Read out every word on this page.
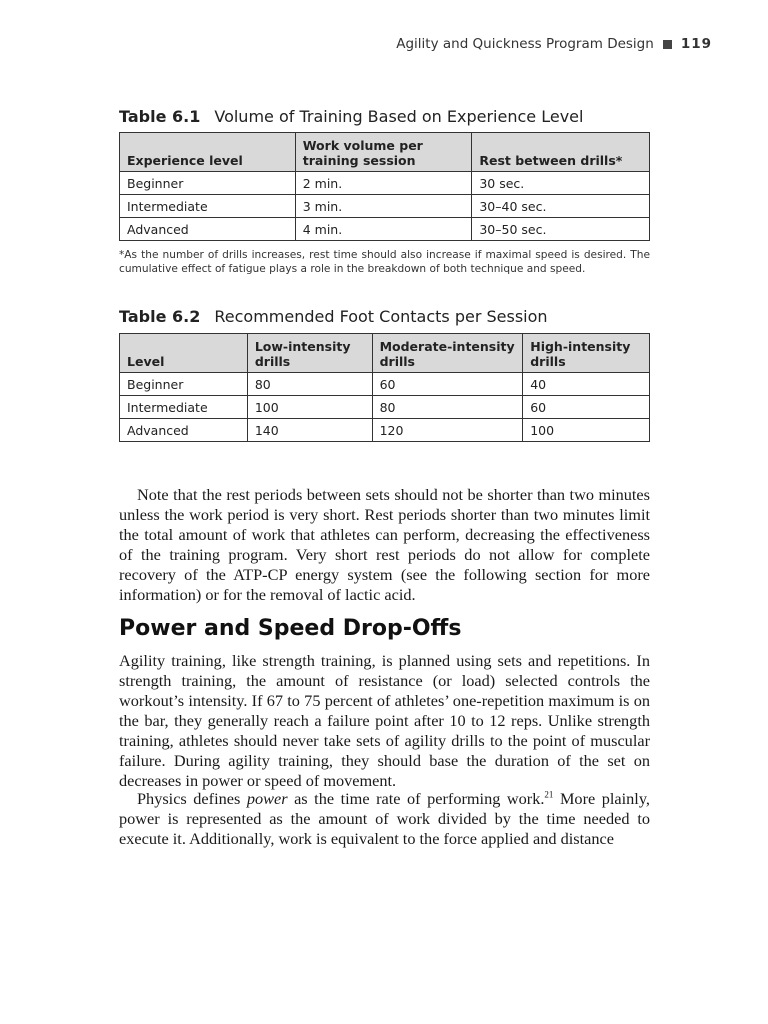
Agility and Quickness Program Design 119
Table 6.1 Volume of Training Based on Experience Level
Experience level	Work volume per training session	Rest between drills*
Beginner	2 min.	30 sec.
Intermediate	3 min.	30–40 sec.
Advanced	4 min.	30–50 sec.
*As the number of drills increases, rest time should also increase if maximal speed is desired. The cumulative effect of fatigue plays a role in the breakdown of both technique and speed.
Table 6.2 Recommended Foot Contacts per Session
Level	Low-intensity drills	Moderate-intensity drills	High-intensity drills
Beginner	80	60	40
Intermediate	100	80	60
Advanced	140	120	100

Note that the rest periods between sets should not be shorter than two minutes unless the work period is very short. Rest periods shorter than two minutes limit the total amount of work that athletes can perform, decreasing the effectiveness of the training program. Very short rest periods do not allow for complete recovery of the ATP-CP energy system (see the following section for more information) or for the removal of lactic acid.

Power and Speed Drop-Offs

Agility training, like strength training, is planned using sets and repetitions. In strength training, the amount of resistance (or load) selected controls the workout’s intensity. If 67 to 75 percent of athletes’ one-repetition maximum is on the bar, they generally reach a failure point after 10 to 12 reps. Unlike strength training, athletes should never take sets of agility drills to the point of muscular failure. During agility training, they should base the duration of the set on decreases in power or speed of movement.

Physics defines power as the time rate of performing work.$^{21}$ More plainly, power is represented as the amount of work divided by the time needed to execute it. Additionally, work is equivalent to the force applied and distance
